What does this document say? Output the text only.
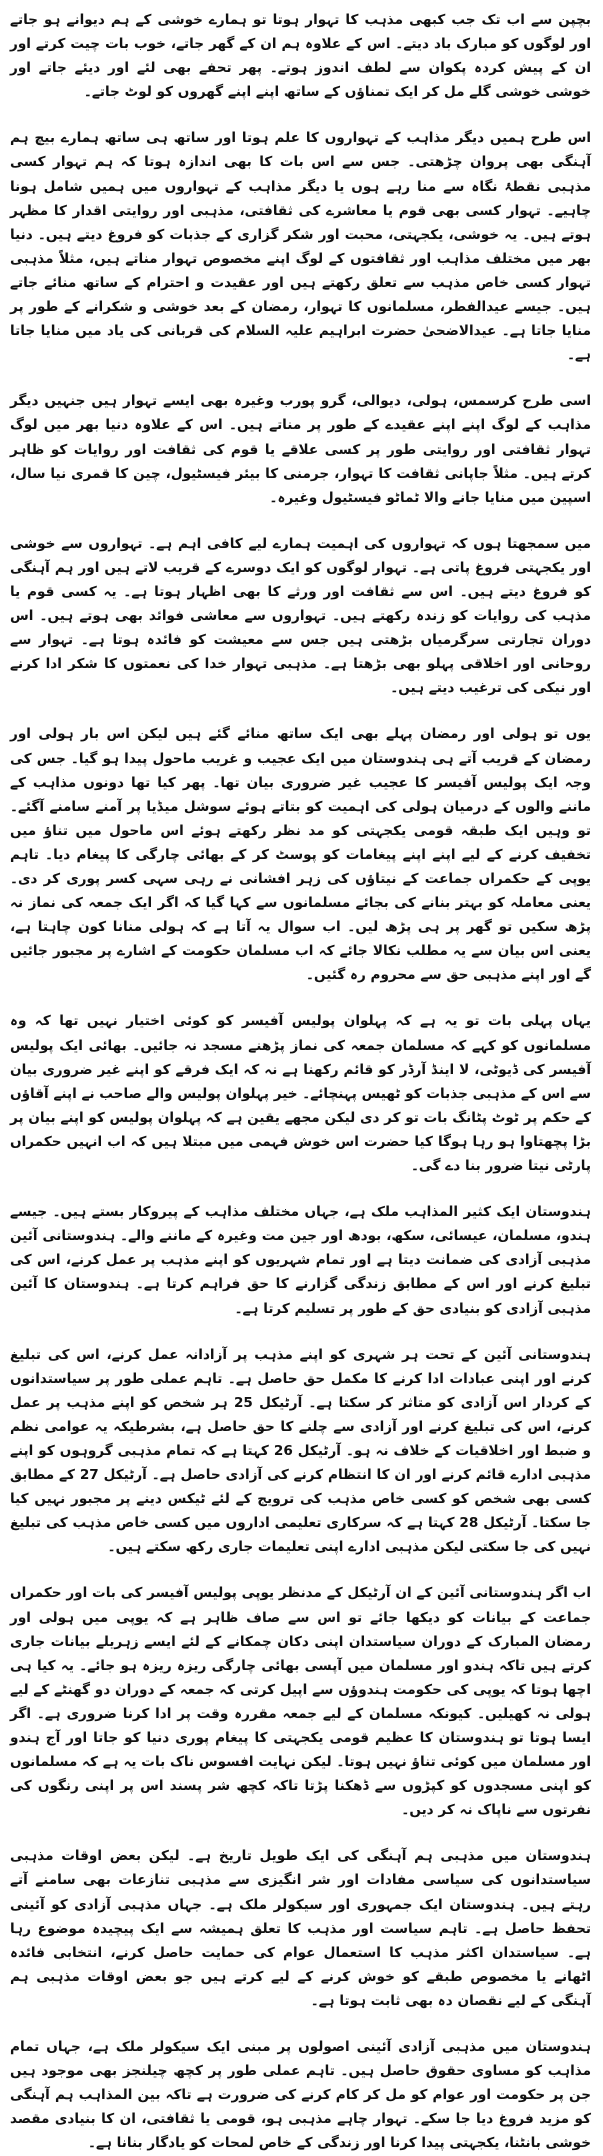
بچپن سے اب تک جب کبھی مذہب کا تہوار ہوتا تو ہمارے خوشی کے ہم دیوانے ہو جاتے اور لوگوں کو مبارک باد دیتے۔ اس کے علاوہ ہم ان کے گھر جاتے، خوب بات چیت کرتے اور ان کے پیش کردہ پکوان سے لطف اندوز ہوتے۔ پھر تحفے بھی لئے اور دیئے جاتے اور خوشی خوشی گلے مل کر ایک تمناؤں کے ساتھ اپنے اپنے گھروں کو لوٹ جاتے۔

اس طرح ہمیں دیگر مذاہب کے تہواروں کا علم ہوتا اور ساتھ ہی ساتھ ہمارے بیچ ہم آہنگی بھی پروان چڑھتی۔ جس سے اس بات کا بھی اندازہ ہوتا کہ ہم تہوار کسی مذہبی نقطۂ نگاہ سے منا رہے ہوں یا دیگر مذاہب کے تہواروں میں ہمیں شامل ہونا چاہیے۔ تہوار کسی بھی قوم یا معاشرے کی ثقافتی، مذہبی اور روایتی اقدار کا مظہر ہوتے ہیں۔ یہ خوشی، یکجہتی، محبت اور شکر گزاری کے جذبات کو فروغ دیتے ہیں۔ دنیا بھر میں مختلف مذاہب اور ثقافتوں کے لوگ اپنے مخصوص تہوار مناتے ہیں، مثلاً مذہبی تہوار کسی خاص مذہب سے تعلق رکھتے ہیں اور عقیدت و احترام کے ساتھ منائے جاتے ہیں۔ جیسے عیدالفطر، مسلمانوں کا تہوار، رمضان کے بعد خوشی و شکرانے کے طور پر منایا جاتا ہے۔ عیدالاضحیٰ حضرت ابراہیم علیہ السلام کی قربانی کی یاد میں منایا جاتا ہے۔

اسی طرح کرسمس، ہولی، دیوالی، گرو پورب وغیرہ بھی ایسے تہوار ہیں جنہیں دیگر مذاہب کے لوگ اپنے اپنے عقیدے کے طور پر مناتے ہیں۔ اس کے علاوہ دنیا بھر میں لوگ تہوار ثقافتی اور روایتی طور پر کسی علاقے یا قوم کی ثقافت اور روایات کو ظاہر کرتے ہیں۔ مثلاً جاپانی ثقافت کا تہوار، جرمنی کا بیئر فیسٹیول، چین کا قمری نیا سال، اسپین میں منایا جانے والا ٹماٹو فیسٹیول وغیرہ۔

میں سمجھتا ہوں کہ تہواروں کی اہمیت ہمارے لیے کافی اہم ہے۔ تہواروں سے خوشی اور یکجہتی فروغ پاتی ہے۔ تہوار لوگوں کو ایک دوسرے کے قریب لاتے ہیں اور ہم آہنگی کو فروغ دیتے ہیں۔ اس سے ثقافت اور ورثے کا بھی اظہار ہوتا ہے۔ یہ کسی قوم یا مذہب کی روایات کو زندہ رکھتے ہیں۔ تہواروں سے معاشی فوائد بھی ہوتے ہیں۔ اس دوران تجارتی سرگرمیاں بڑھتی ہیں جس سے معیشت کو فائدہ ہوتا ہے۔ تہوار سے روحانی اور اخلاقی پہلو بھی بڑھتا ہے۔ مذہبی تہوار خدا کی نعمتوں کا شکر ادا کرنے اور نیکی کی ترغیب دیتے ہیں۔

یوں تو ہولی اور رمضان پہلے بھی ایک ساتھ منائے گئے ہیں لیکن اس بار ہولی اور رمضان کے قریب آتے ہی ہندوستان میں ایک عجیب و غریب ماحول پیدا ہو گیا۔ جس کی وجہ ایک پولیس آفیسر کا عجیب غیر ضروری بیان تھا۔ پھر کیا تھا دونوں مذاہب کے ماننے والوں کے درمیان ہولی کی اہمیت کو بتاتے ہوئے سوشل میڈیا پر آمنے سامنے آگئے۔ تو وہیں ایک طبقہ قومی یکجہتی کو مد نظر رکھتے ہوئے اس ماحول میں تناؤ میں تخفیف کرنے کے لیے اپنے اپنے پیغامات کو پوسٹ کر کے بھائی چارگی کا پیغام دیا۔ تاہم یوپی کے حکمراں جماعت کے نیتاؤں کی زہر افشانی نے رہی سہی کسر پوری کر دی۔ یعنی معاملہ کو بہتر بنانے کی بجائے مسلمانوں سے کہا گیا کہ اگر ایک جمعہ کی نماز نہ پڑھ سکیں تو گھر پر ہی پڑھ لیں۔ اب سوال یہ آتا ہے کہ ہولی منانا کون چاہتا ہے، یعنی اس بیان سے یہ مطلب نکالا جائے کہ اب مسلمان حکومت کے اشارے پر مجبور جائیں گے اور اپنے مذہبی حق سے محروم رہ گئیں۔

یہاں پہلی بات تو یہ ہے کہ پہلوان پولیس آفیسر کو کوئی اختیار نہیں تھا کہ وہ مسلمانوں کو کہے کہ مسلمان جمعہ کی نماز پڑھنے مسجد نہ جائیں۔ بھائی ایک پولیس آفیسر کی ڈیوٹی، لا اینڈ آرڈر کو قائم رکھنا ہے نہ کہ ایک فرقے کو اپنے غیر ضروری بیان سے اس کے مذہبی جذبات کو ٹھیس پہنچائے۔ خیر پہلوان پولیس والے صاحب نے اپنے آقاؤں کے حکم پر ٹوٹ پٹانگ بات تو کر دی لیکن مجھے یقین ہے کہ پہلوان پولیس کو اپنے بیان پر بڑا پچھتاوا ہو رہا ہوگا کیا حضرت اس خوش فہمی میں مبتلا ہیں کہ اب انہیں حکمراں پارٹی نیتا ضرور بنا دے گی۔

ہندوستان ایک کثیر المذاہب ملک ہے، جہاں مختلف مذاہب کے پیروکار بستے ہیں۔ جیسے ہندو، مسلمان، عیسائی، سکھ، بودھ اور جین مت وغیرہ کے ماننے والے۔ ہندوستانی آئین مذہبی آزادی کی ضمانت دیتا ہے اور تمام شہریوں کو اپنے مذہب پر عمل کرنے، اس کی تبلیغ کرنے اور اس کے مطابق زندگی گزارنے کا حق فراہم کرتا ہے۔ ہندوستان کا آئین مذہبی آزادی کو بنیادی حق کے طور پر تسلیم کرتا ہے۔

ہندوستانی آئین کے تحت ہر شہری کو اپنے مذہب پر آزادانہ عمل کرنے، اس کی تبلیغ کرنے اور اپنی عبادات ادا کرنے کا مکمل حق حاصل ہے۔ تاہم عملی طور پر سیاستدانوں کے کردار اس آزادی کو متاثر کر سکتا ہے۔ آرٹیکل 25 ہر شخص کو اپنے مذہب پر عمل کرنے، اس کی تبلیغ کرنے اور آزادی سے چلنے کا حق حاصل ہے، بشرطیکہ یہ عوامی نظم و ضبط اور اخلاقیات کے خلاف نہ ہو۔ آرٹیکل 26 کہتا ہے کہ تمام مذہبی گروہوں کو اپنے مذہبی ادارے قائم کرنے اور ان کا انتظام کرنے کی آزادی حاصل ہے۔ آرٹیکل 27 کے مطابق کسی بھی شخص کو کسی خاص مذہب کی ترویج کے لئے ٹیکس دینے پر مجبور نہیں کیا جا سکتا۔ آرٹیکل 28 کہتا ہے کہ سرکاری تعلیمی اداروں میں کسی خاص مذہب کی تبلیغ نہیں کی جا سکتی لیکن مذہبی ادارے اپنی تعلیمات جاری رکھ سکتے ہیں۔

اب اگر ہندوستانی آئین کے ان آرٹیکل کے مدنظر یوپی پولیس آفیسر کی بات اور حکمراں جماعت کے بیانات کو دیکھا جائے تو اس سے صاف ظاہر ہے کہ یوپی میں ہولی اور رمضان المبارک کے دوران سیاستدان اپنی دکان چمکانے کے لئے ایسے زہریلے بیانات جاری کرتے ہیں تاکہ ہندو اور مسلمان میں آپسی بھائی چارگی ریزہ ریزہ ہو جائے۔ یہ کیا ہی اچھا ہوتا کہ یوپی کی حکومت ہندوؤں سے اپیل کرتی کہ جمعہ کے دوران دو گھنٹے کے لیے ہولی نہ کھیلیں۔ کیونکہ مسلمان کے لیے جمعہ مقررہ وقت پر ادا کرنا ضروری ہے۔ اگر ایسا ہوتا تو ہندوستان کا عظیم قومی یکجہتی کا پیغام پوری دنیا کو جاتا اور آج ہندو اور مسلمان میں کوئی تناؤ نہیں ہوتا۔ لیکن نہایت افسوس ناک بات یہ ہے کہ مسلمانوں کو اپنی مسجدوں کو کپڑوں سے ڈھکنا پڑتا تاکہ کچھ شر پسند اس پر اپنی رنگوں کی نفرتوں سے ناپاک نہ کر دیں۔

ہندوستان میں مذہبی ہم آہنگی کی ایک طویل تاریخ ہے۔ لیکن بعض اوقات مذہبی سیاستدانوں کی سیاسی مفادات اور شر انگیزی سے مذہبی تنازعات بھی سامنے آتے رہتے ہیں۔ ہندوستان ایک جمہوری اور سیکولر ملک ہے۔ جہاں مذہبی آزادی کو آئینی تحفظ حاصل ہے۔ تاہم سیاست اور مذہب کا تعلق ہمیشہ سے ایک پیچیدہ موضوع رہا ہے۔ سیاستدان اکثر مذہب کا استعمال عوام کی حمایت حاصل کرنے، انتخابی فائدہ اٹھانے یا مخصوص طبقے کو خوش کرنے کے لیے کرتے ہیں جو بعض اوقات مذہبی ہم آہنگی کے لیے نقصان دہ بھی ثابت ہوتا ہے۔

ہندوستان میں مذہبی آزادی آئینی اصولوں پر مبنی ایک سیکولر ملک ہے، جہاں تمام مذاہب کو مساوی حقوق حاصل ہیں۔ تاہم عملی طور پر کچھ چیلنجز بھی موجود ہیں جن پر حکومت اور عوام کو مل کر کام کرنے کی ضرورت ہے تاکہ بین المذاہب ہم آہنگی کو مزید فروغ دیا جا سکے۔ تہوار چاہے مذہبی ہو، قومی یا ثقافتی، ان کا بنیادی مقصد خوشی بانٹنا، یکجہتی پیدا کرنا اور زندگی کے خاص لمحات کو یادگار بنانا ہے۔
